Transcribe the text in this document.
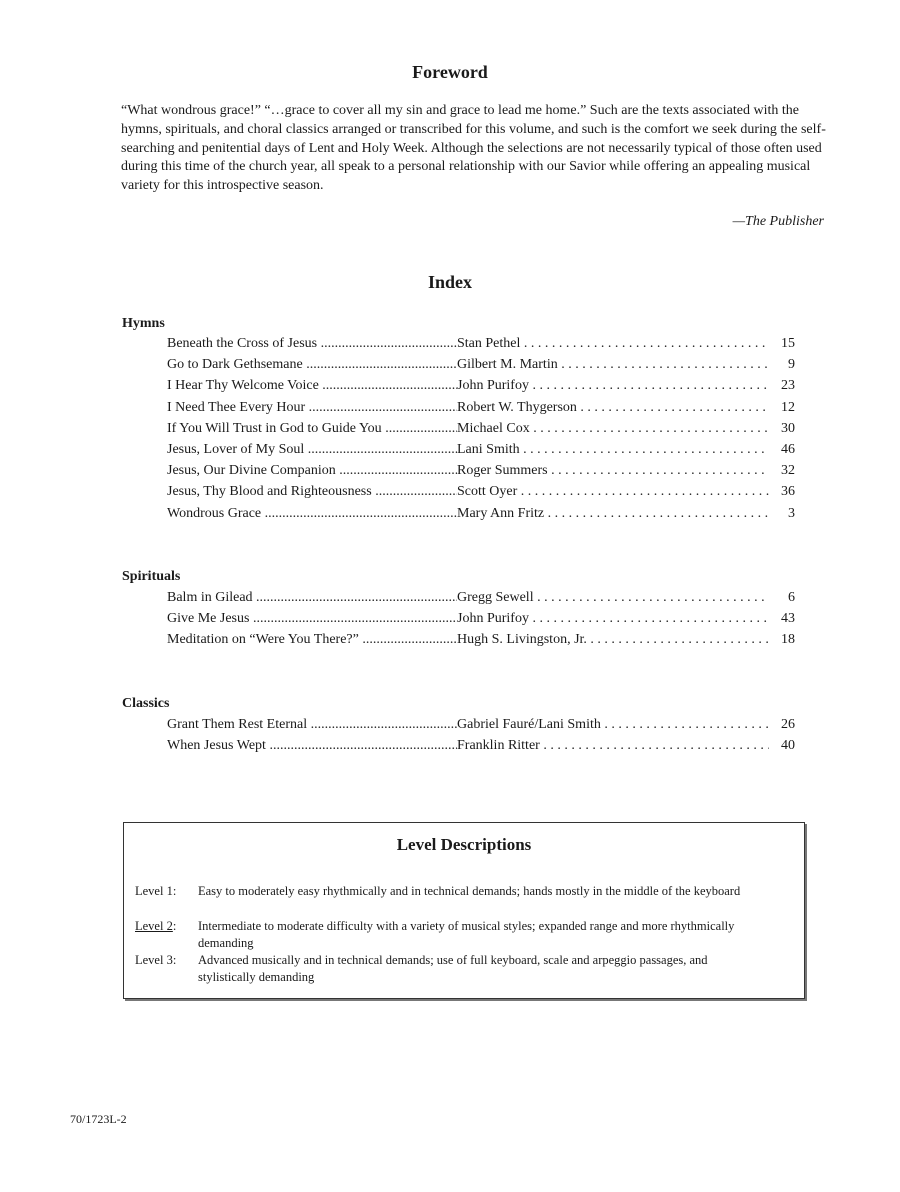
Foreword
“What wondrous grace!” “…grace to cover all my sin and grace to lead me home.” Such are the texts associated with the hymns, spirituals, and choral classics arranged or transcribed for this volume, and such is the comfort we seek during the self-searching and penitential days of Lent and Holy Week. Although the selections are not necessarily typical of those often used during this time of the church year, all speak to a personal relationship with our Savior while offering an appealing musical variety for this introspective season.
—The Publisher
Index
Hymns
Beneath the Cross of Jesus .....	Stan Pethel . . .	15
Go to Dark Gethsemane .....	Gilbert M. Martin . . .	9
I Hear Thy Welcome Voice .....	John Purifoy . . .	23
I Need Thee Every Hour .....	Robert W. Thygerson . . .	12
If You Will Trust in God to Guide You .....	Michael Cox . . .	30
Jesus, Lover of My Soul .....	Lani Smith . . .	46
Jesus, Our Divine Companion .....	Roger Summers . . .	32
Jesus, Thy Blood and Righteousness .....	Scott Oyer . . .	36
Wondrous Grace .....	Mary Ann Fritz . . .	3
Spirituals
Balm in Gilead .....	Gregg Sewell . . .	6
Give Me Jesus .....	John Purifoy . . .	43
Meditation on “Were You There?” .....	Hugh S. Livingston, Jr. . . .	18
Classics
Grant Them Rest Eternal .....	Gabriel Fauré/Lani Smith . . .	26
When Jesus Wept .....	Franklin Ritter . . .	40
Level Descriptions
Level 1:	Easy to moderately easy rhythmically and in technical demands; hands mostly in the middle of the keyboard
Level 2:	Intermediate to moderate difficulty with a variety of musical styles; expanded range and more rhythmically demanding
Level 3:	Advanced musically and in technical demands; use of full keyboard, scale and arpeggio passages, and stylistically demanding
70/1723L-2
